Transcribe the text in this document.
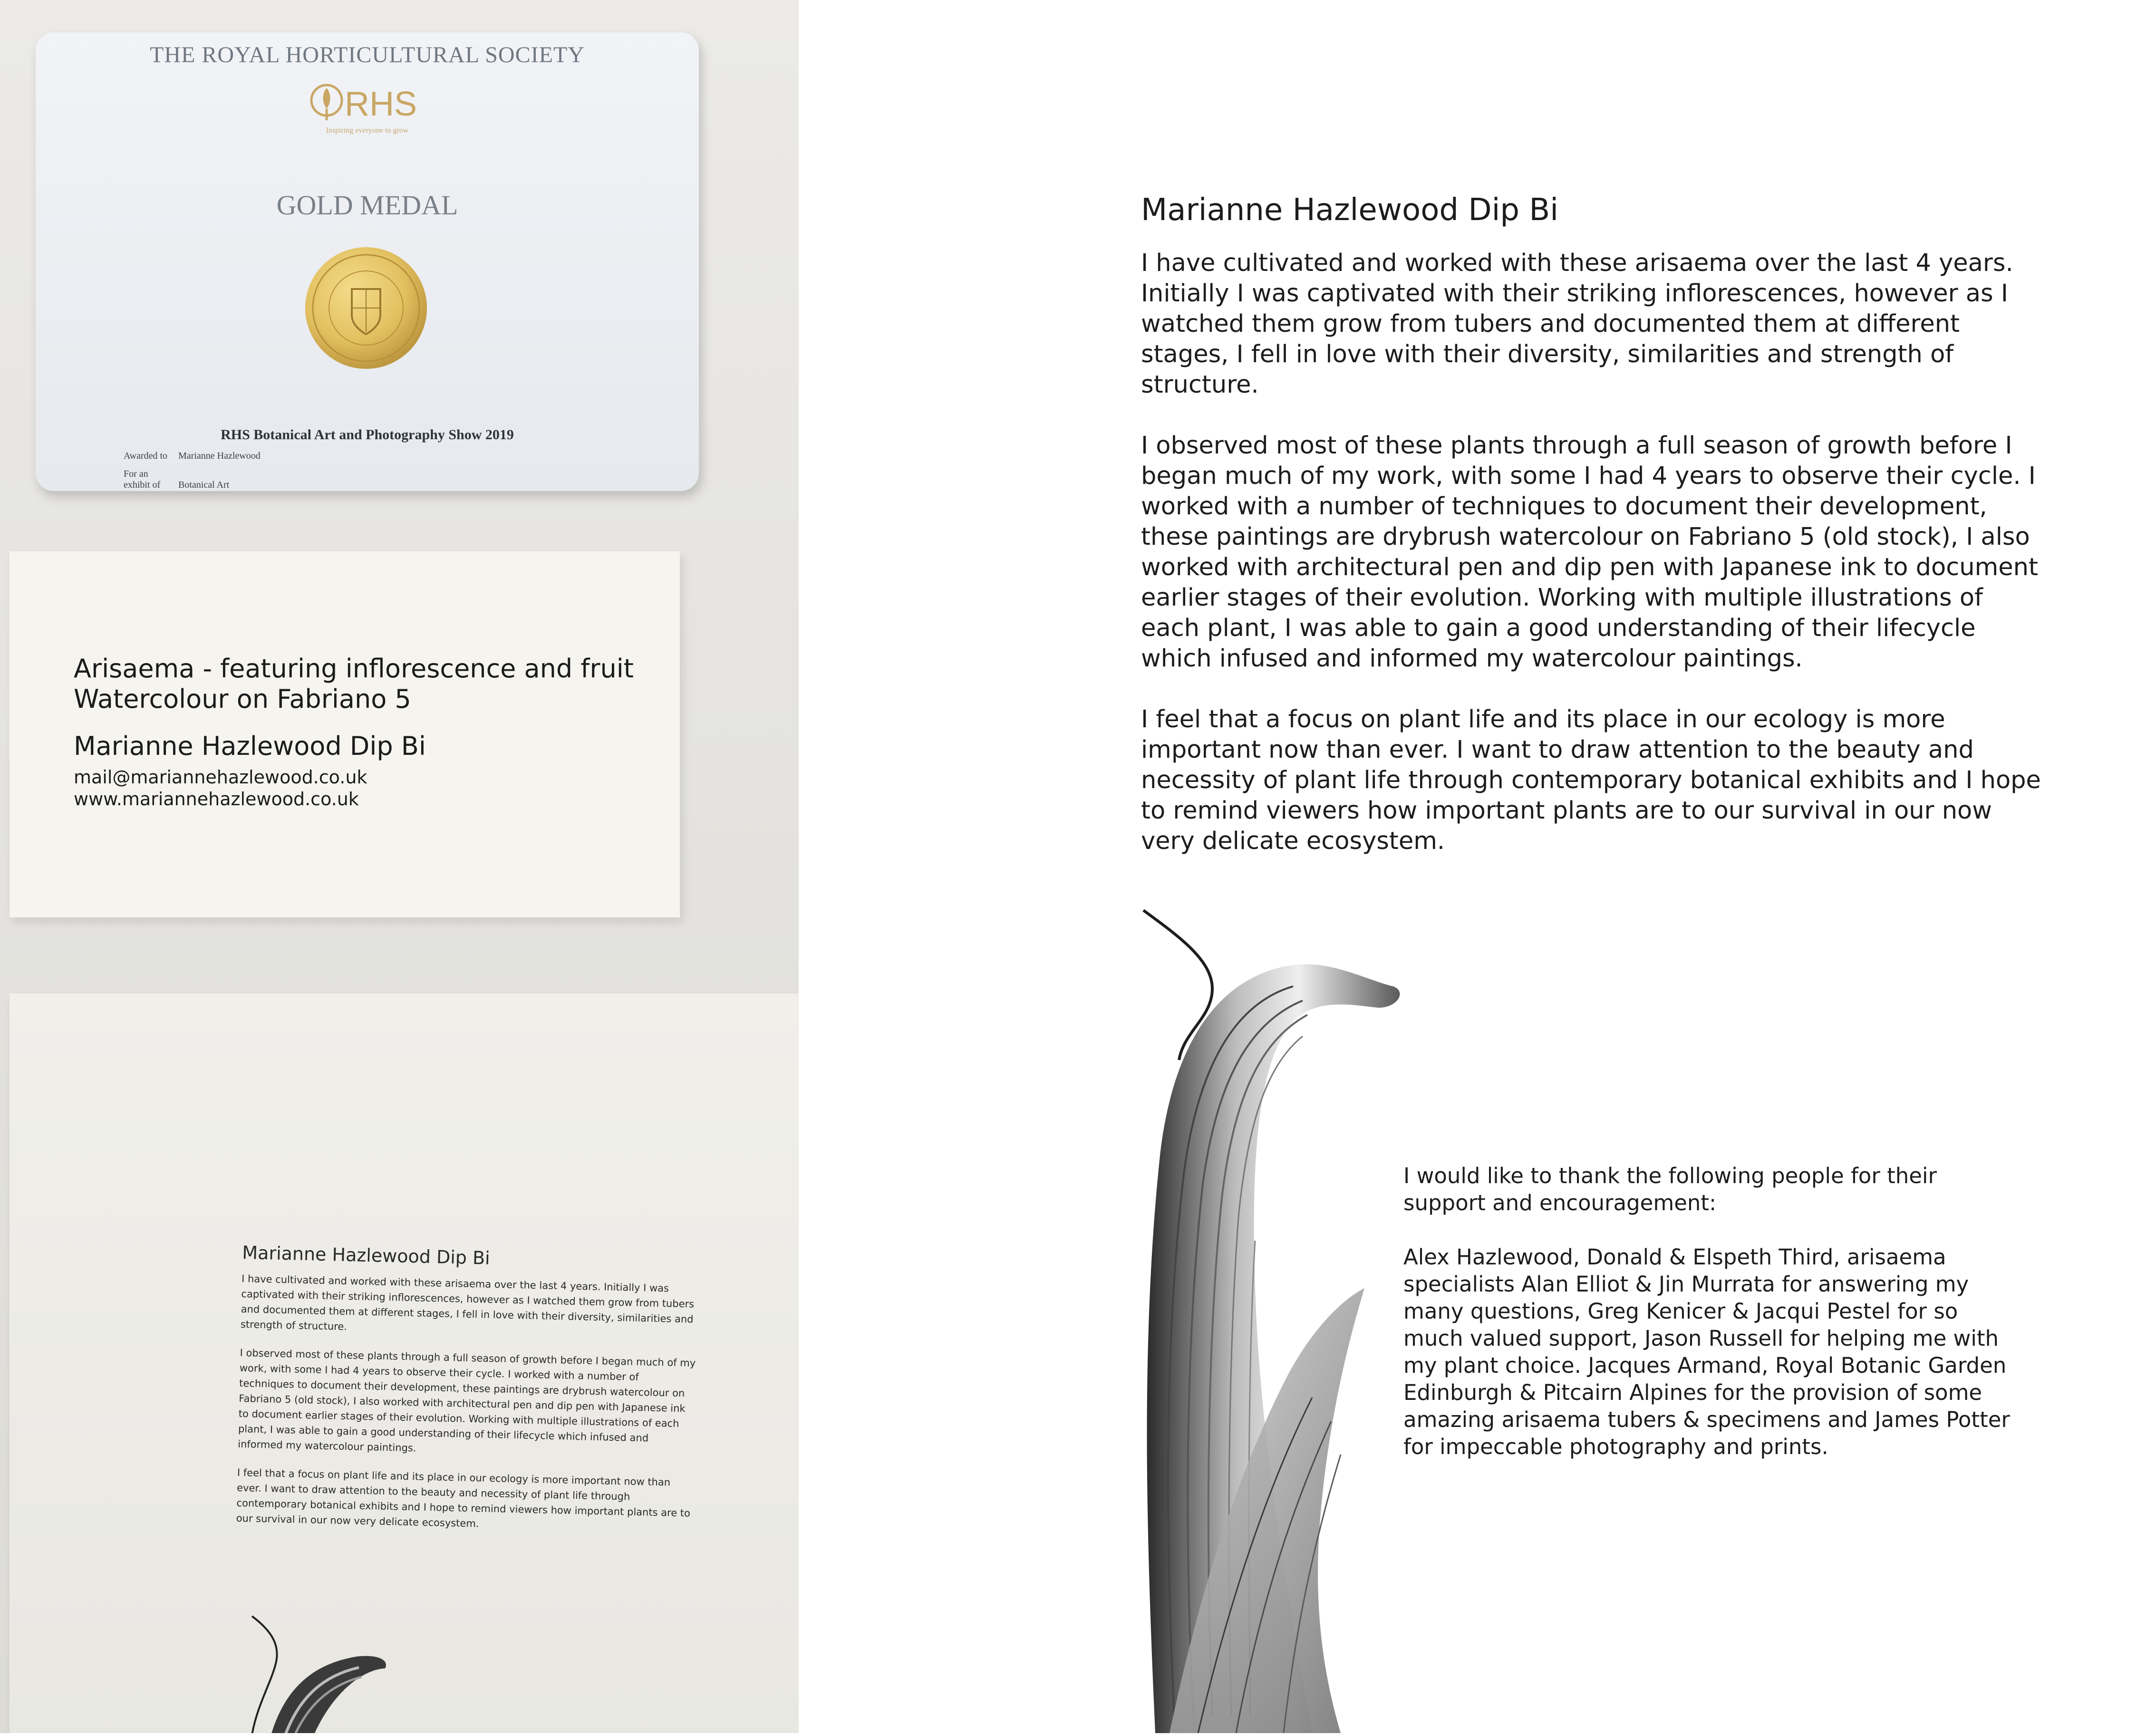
THE ROYAL HORTICULTURAL SOCIETY
RHS
Inspiring everyone to grow
GOLD MEDAL
RHS Botanical Art and Photography Show 2019
Awarded to Marianne Hazlewood
For an exhibit of Botanical Art
Arisaema - featuring inflorescence and fruit
Watercolour on Fabriano 5
Marianne Hazlewood Dip Bi
mail@mariannehazlewood.co.uk
www.mariannehazlewood.co.uk
Marianne Hazlewood Dip Bi

I have cultivated and worked with these arisaema over the last 4 years. Initially I was captivated with their striking inflorescences, however as I watched them grow from tubers and documented them at different stages, I fell in love with their diversity, similarities and strength of structure.

I observed most of these plants through a full season of growth before I began much of my work, with some I had 4 years to observe their cycle. I worked with a number of techniques to document their development, these paintings are drybrush watercolour on Fabriano 5 (old stock), I also worked with architectural pen and dip pen with Japanese ink to document earlier stages of their evolution. Working with multiple illustrations of each plant, I was able to gain a good understanding of their lifecycle which infused and informed my watercolour paintings.

I feel that a focus on plant life and its place in our ecology is more important now than ever. I want to draw attention to the beauty and necessity of plant life through contemporary botanical exhibits and I hope to remind viewers how important plants are to our survival in our now very delicate ecosystem.

Marianne Hazlewood Dip Bi

I have cultivated and worked with these arisaema over the last 4 years. Initially I was captivated with their striking inflorescences, however as I watched them grow from tubers and documented them at different stages, I fell in love with their diversity, similarities and strength of structure.

I observed most of these plants through a full season of growth before I began much of my work, with some I had 4 years to observe their cycle. I worked with a number of techniques to document their development, these paintings are drybrush watercolour on Fabriano 5 (old stock), I also worked with architectural pen and dip pen with Japanese ink to document earlier stages of their evolution. Working with multiple illustrations of each plant, I was able to gain a good understanding of their lifecycle which infused and informed my watercolour paintings.

I feel that a focus on plant life and its place in our ecology is more important now than ever. I want to draw attention to the beauty and necessity of plant life through contemporary botanical exhibits and I hope to remind viewers how important plants are to our survival in our now very delicate ecosystem.

I would like to thank the following people for their support and encouragement:

Alex Hazlewood, Donald & Elspeth Third, arisaema specialists Alan Elliot & Jin Murrata for answering my many questions, Greg Kenicer & Jacqui Pestel for so much valued support, Jason Russell for helping me with my plant choice. Jacques Armand, Royal Botanic Garden Edinburgh & Pitcairn Alpines for the provision of some amazing arisaema tubers & specimens and James Potter for impeccable photography and prints.
